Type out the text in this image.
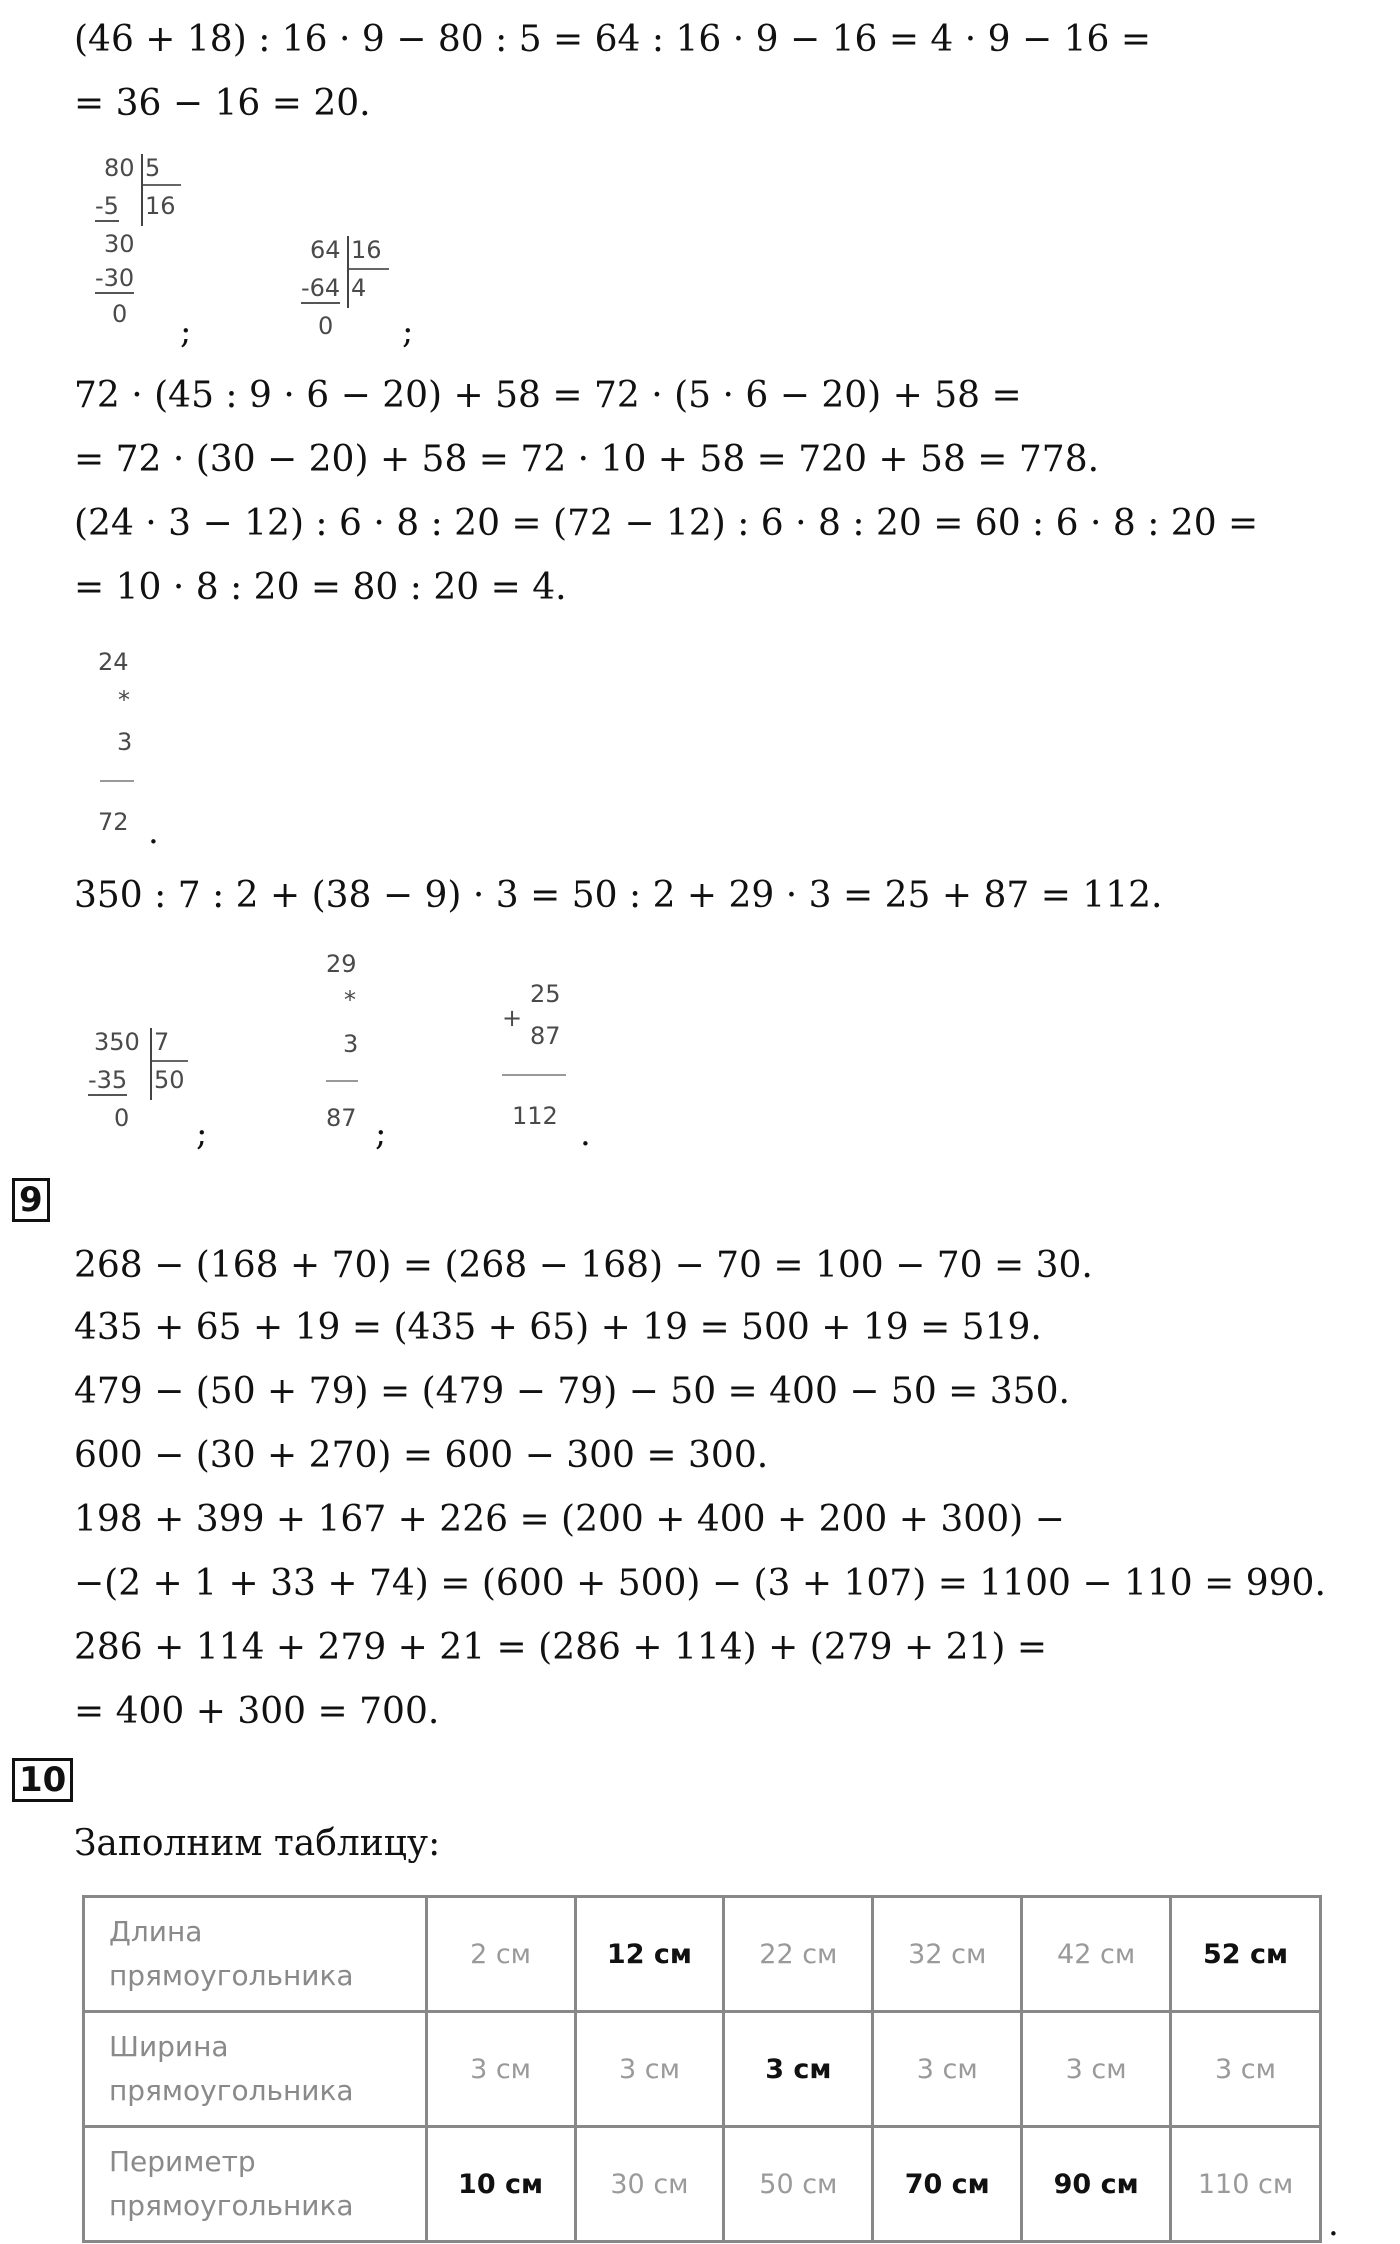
(46 + 18) : 16 · 9 − 80 : 5 = 64 : 16 · 9 − 16 = 4 · 9 − 16 =
= 36 − 16 = 20.
80 5
16
-5
30
-30
0 ;
64 16
4
-64
0 ;
72 · (45 : 9 · 6 − 20) + 58 = 72 · (5 · 6 − 20) + 58 =
= 72 · (30 − 20) + 58 = 72 · 10 + 58 = 720 + 58 = 778.
(24 · 3 − 12) : 6 · 8 : 20 = (72 − 12) : 6 · 8 : 20 = 60 : 6 · 8 : 20 =
= 10 · 8 : 20 = 80 : 20 = 4.
24
*
3
72 .
350 : 7 : 2 + (38 − 9) · 3 = 50 : 2 + 29 · 3 = 25 + 87 = 112.
350 7
50
-35
0 ;
29
*
3
87 ;
25
+
87
112 .
9
268 − (168 + 70) = (268 − 168) − 70 = 100 − 70 = 30.
435 + 65 + 19 = (435 + 65) + 19 = 500 + 19 = 519.
479 − (50 + 79) = (479 − 79) − 50 = 400 − 50 = 350.
600 − (30 + 270) = 600 − 300 = 300.
198 + 399 + 167 + 226 = (200 + 400 + 200 + 300) −
−(2 + 1 + 33 + 74) = (600 + 500) − (3 + 107) = 1100 − 110 = 990.
286 + 114 + 279 + 21 = (286 + 114) + (279 + 21) =
= 400 + 300 = 700.
10
Заполним таблицу:
Длина прямоугольника	2 см	12 см	22 см	32 см	42 см	52 см
Ширина прямоугольника	3 см	3 см	3 см	3 см	3 см	3 см
Периметр прямоугольника	10 см	30 см	50 см	70 см	90 см	110 см
.
